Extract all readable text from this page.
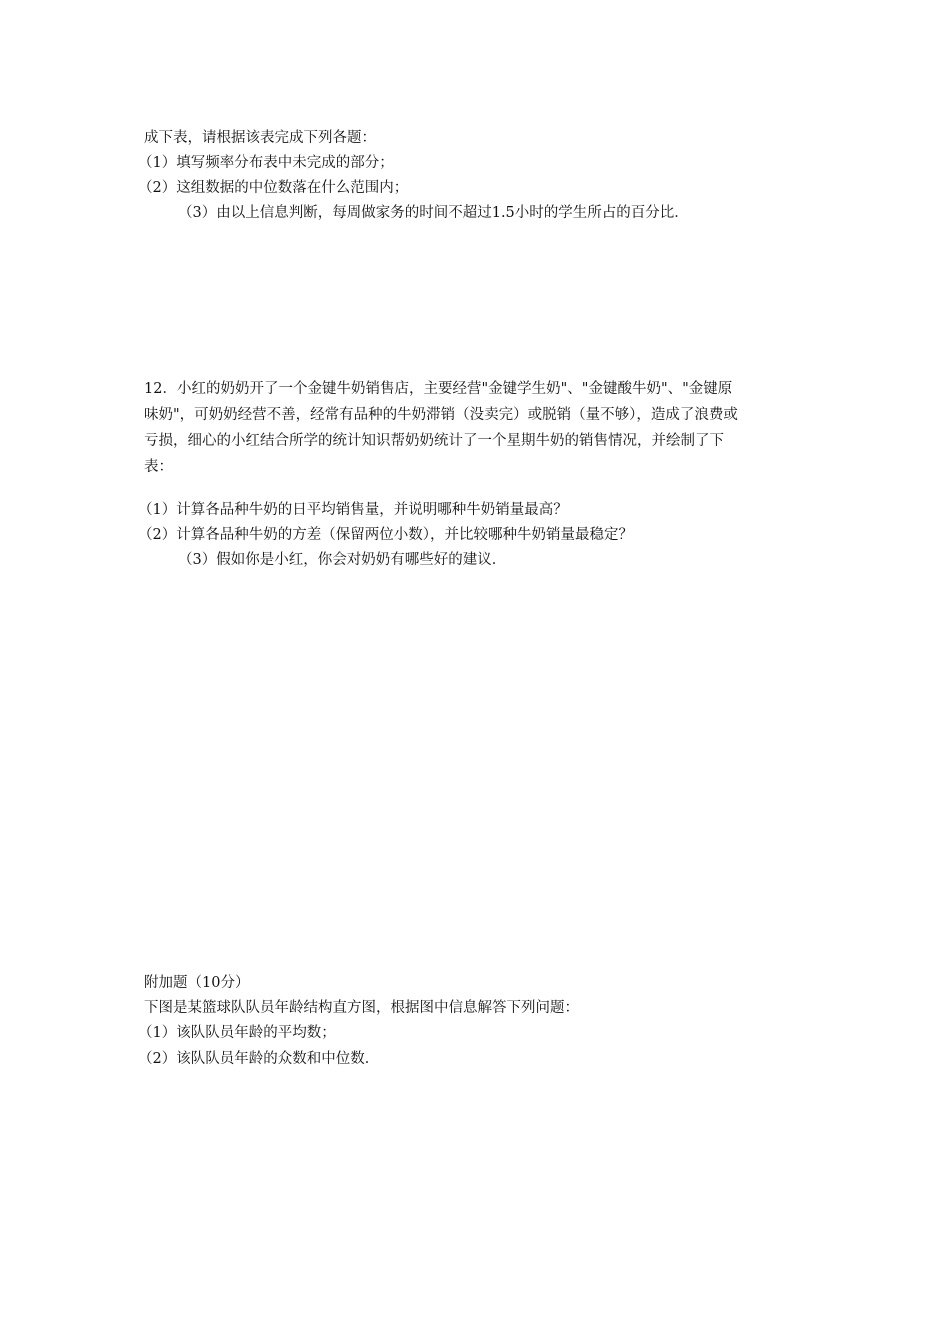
成下表，请根据该表完成下列各题：
（1）填写频率分布表中未完成的部分；
（2）这组数据的中位数落在什么范围内；
（3）由以上信息判断，每周做家务的时间不超过1.5小时的学生所占的百分比．
12．小红的奶奶开了一个金键牛奶销售店，主要经营"金键学生奶"、"金键酸牛奶"、"金键原
味奶"，可奶奶经营不善，经常有品种的牛奶滞销（没卖完）或脱销（量不够），造成了浪费或
亏损，细心的小红结合所学的统计知识帮奶奶统计了一个星期牛奶的销售情况，并绘制了下
表：
（1）计算各品种牛奶的日平均销售量，并说明哪种牛奶销量最高？
（2）计算各品种牛奶的方差（保留两位小数），并比较哪种牛奶销量最稳定？
（3）假如你是小红，你会对奶奶有哪些好的建议．
附加题（10分）
下图是某篮球队队员年龄结构直方图，根据图中信息解答下列问题：
（1）该队队员年龄的平均数；
（2）该队队员年龄的众数和中位数．
